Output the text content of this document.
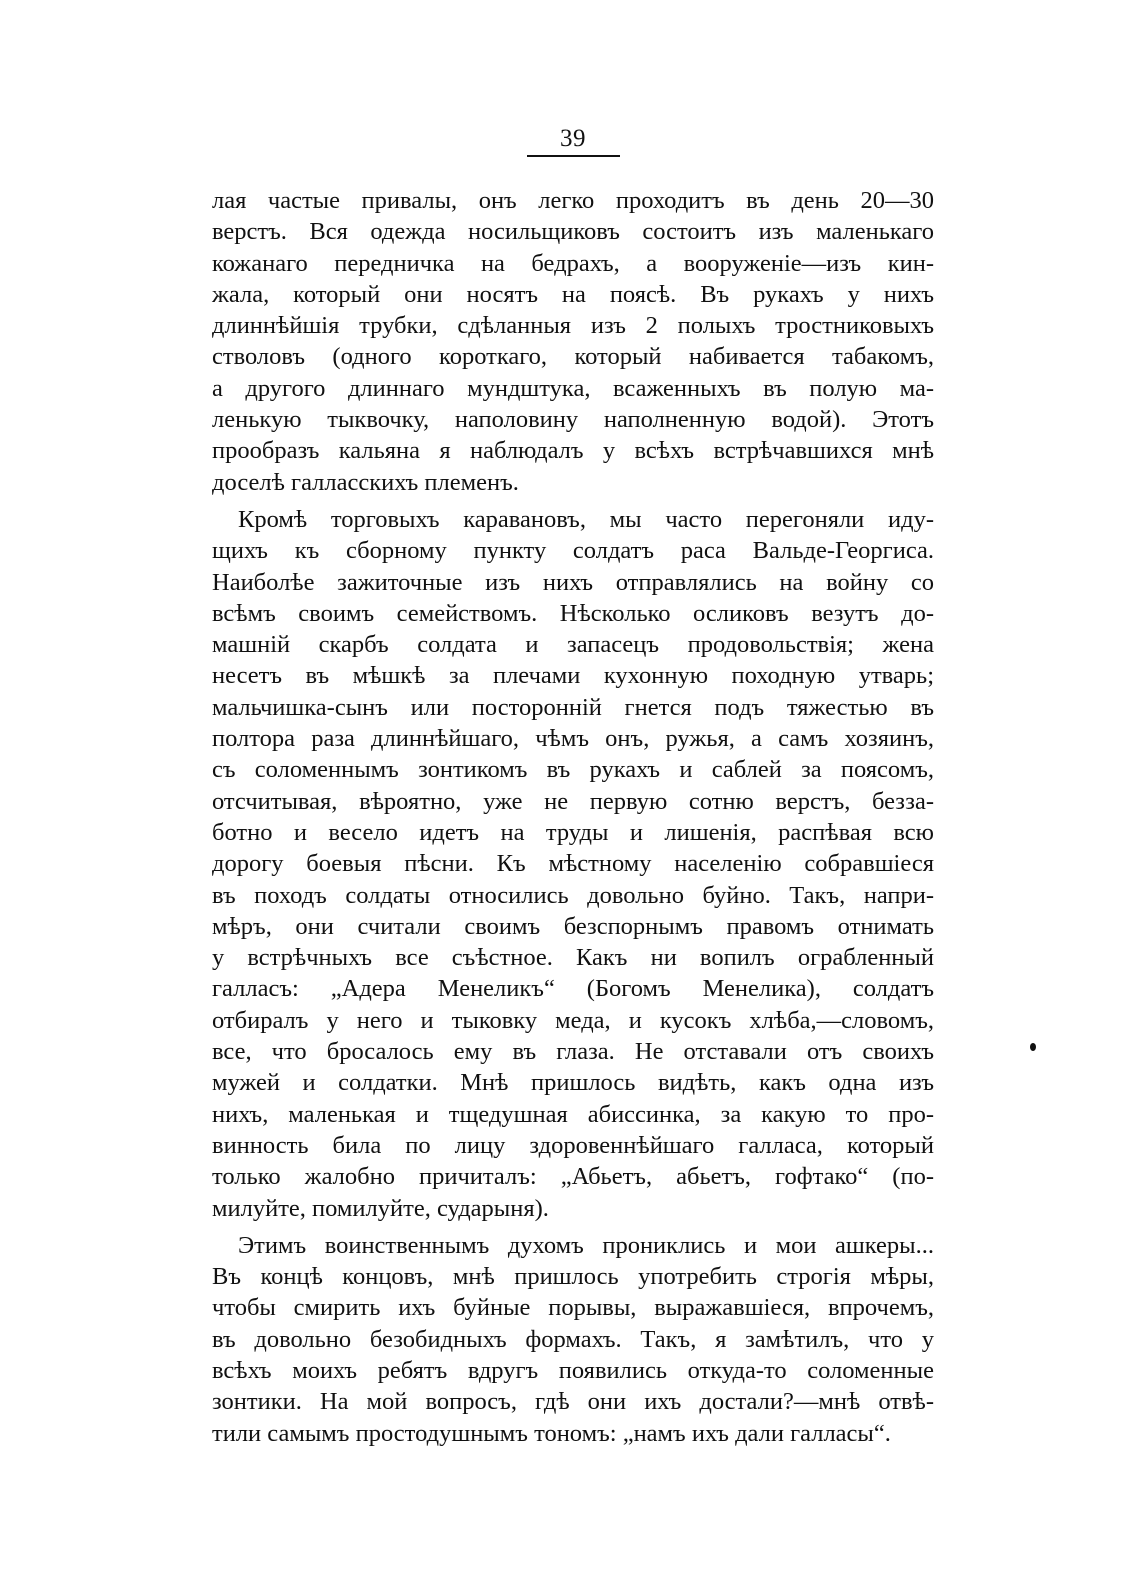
39
лая частые привалы, онъ легко проходитъ въ день 20—30
верстъ. Вся одежда носильщиковъ состоитъ изъ маленькаго
кожанаго передничка на бедрахъ, а вооруженіе—изъ кин-
жала, который они носятъ на поясѣ. Въ рукахъ у нихъ
длиннѣйшія трубки, сдѣланныя изъ 2 полыхъ тростниковыхъ
стволовъ (одного короткаго, который набивается табакомъ,
а другого длиннаго мундштука, всаженныхъ въ полую ма-
ленькую тыквочку, наполовину наполненную водой). Этотъ
прообразъ кальяна я наблюдалъ у всѣхъ встрѣчавшихся мнѣ
доселѣ галласскихъ племенъ.
Кромѣ торговыхъ каравановъ, мы часто перегоняли иду-
щихъ къ сборному пункту солдатъ раса Вальде-Георгиса.
Наиболѣе зажиточные изъ нихъ отправлялись на войну со
всѣмъ своимъ семействомъ. Нѣсколько осликовъ везутъ до-
машній скарбъ солдата и запасецъ продовольствія; жена
несетъ въ мѣшкѣ за плечами кухонную походную утварь;
мальчишка-сынъ или посторонній гнется подъ тяжестью въ
полтора раза длиннѣйшаго, чѣмъ онъ, ружья, а самъ хозяинъ,
съ соломеннымъ зонтикомъ въ рукахъ и саблей за поясомъ,
отсчитывая, вѣроятно, уже не первую сотню верстъ, безза-
ботно и весело идетъ на труды и лишенія, распѣвая всю
дорогу боевыя пѣсни. Къ мѣстному населенію собравшіеся
въ походъ солдаты относились довольно буйно. Такъ, напри-
мѣръ, они считали своимъ безспорнымъ правомъ отнимать
у встрѣчныхъ все съѣстное. Какъ ни вопилъ ограбленный
галласъ: „Адера Менеликъ“ (Богомъ Менелика), солдатъ
отбиралъ у него и тыковку меда, и кусокъ хлѣба,—словомъ,
все, что бросалось ему въ глаза. Не отставали отъ своихъ
мужей и солдатки. Мнѣ пришлось видѣть, какъ одна изъ
нихъ, маленькая и тщедушная абиссинка, за какую то про-
винность била по лицу здоровеннѣйшаго галласа, который
только жалобно причиталъ: „Абьетъ, абьетъ, гофтако“ (по-
милуйте, помилуйте, сударыня).
Этимъ воинственнымъ духомъ прониклись и мои ашкеры...
Въ концѣ концовъ, мнѣ пришлось употребить строгія мѣры,
чтобы смирить ихъ буйные порывы, выражавшіеся, впрочемъ,
въ довольно безобидныхъ формахъ. Такъ, я замѣтилъ, что у
всѣхъ моихъ ребятъ вдругъ появились откуда-то соломенные
зонтики. На мой вопросъ, гдѣ они ихъ достали?—мнѣ отвѣ-
тили самымъ простодушнымъ тономъ: „намъ ихъ дали галласы“.
